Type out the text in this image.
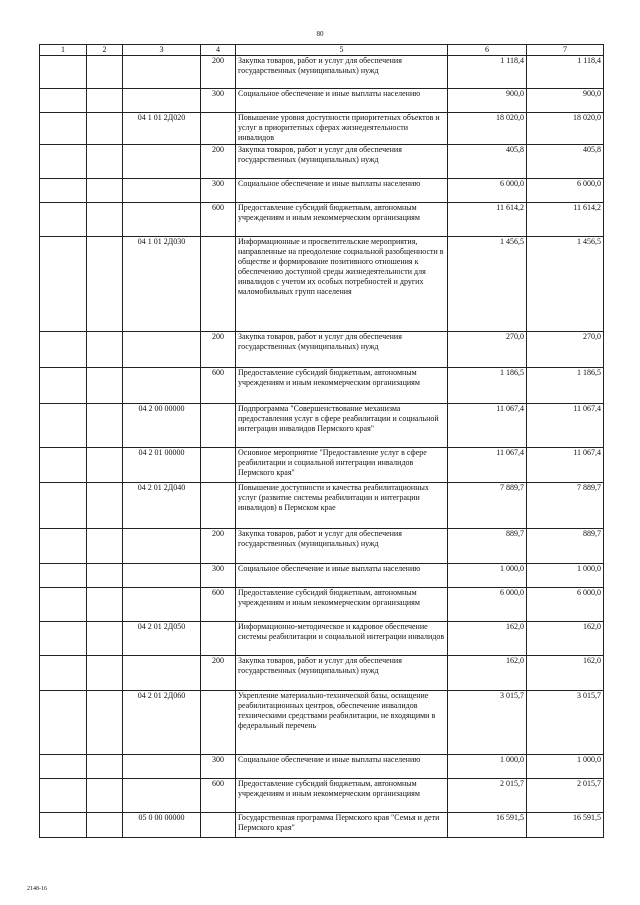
80
1	2	3	4	5	6	7
			200	Закупка товаров, работ и услуг для обеспечения государственных (муниципальных) нужд	1 118,4	1 118,4
			300	Социальное обеспечение и иные выплаты населению	900,0	900,0
		04 1 01 2Д020		Повышение уровня доступности приоритетных объектов и услуг в приоритетных сферах жизнедеятельности инвалидов	18 020,0	18 020,0
			200	Закупка товаров, работ и услуг для обеспечения государственных (муниципальных) нужд	405,8	405,8
			300	Социальное обеспечение и иные выплаты населению	6 000,0	6 000,0
			600	Предоставление субсидий бюджетным, автономным учреждениям и иным некоммерческим организациям	11 614,2	11 614,2
		04 1 01 2Д030		Информационные и просветительские мероприятия, направленные на преодоление социальной разобщенности в обществе и формирование позитивного отношения к обеспечению доступной среды жизнедеятельности для инвалидов с учетом их особых потребностей и других маломобильных групп населения	1 456,5	1 456,5
			200	Закупка товаров, работ и услуг для обеспечения государственных (муниципальных) нужд	270,0	270,0
			600	Предоставление субсидий бюджетным, автономным учреждениям и иным некоммерческим организациям	1 186,5	1 186,5
		04 2 00 00000		Подпрограмма "Совершенствование механизма предоставления услуг в сфере реабилитации и социальной интеграции инвалидов Пермского края"	11 067,4	11 067,4
		04 2 01 00000		Основное мероприятие "Предоставление услуг в сфере реабилитации и социальной интеграции инвалидов Пермского края"	11 067,4	11 067,4
		04 2 01 2Д040		Повышение доступности и качества реабилитационных услуг (развитие системы реабилитации и интеграции инвалидов) в Пермском крае	7 889,7	7 889,7
			200	Закупка товаров, работ и услуг для обеспечения государственных (муниципальных) нужд	889,7	889,7
			300	Социальное обеспечение и иные выплаты населению	1 000,0	1 000,0
			600	Предоставление субсидий бюджетным, автономным учреждениям и иным некоммерческим организациям	6 000,0	6 000,0
		04 2 01 2Д050		Информационно-методическое и кадровое обеспечение системы реабилитации и социальной интеграции инвалидов	162,0	162,0
			200	Закупка товаров, работ и услуг для обеспечения государственных (муниципальных) нужд	162,0	162,0
		04 2 01 2Д060		Укрепление материально-технической базы, оснащение реабилитационных центров, обеспечение инвалидов техническими средствами реабилитации, не входящими в федеральный перечень	3 015,7	3 015,7
			300	Социальное обеспечение и иные выплаты населению	1 000,0	1 000,0
			600	Предоставление субсидий бюджетным, автономным учреждениям и иным некоммерческим организациям	2 015,7	2 015,7
		05 0 00 00000		Государственная программа Пермского края "Семья и дети Пермского края"	16 591,5	16 591,5
2148-16
